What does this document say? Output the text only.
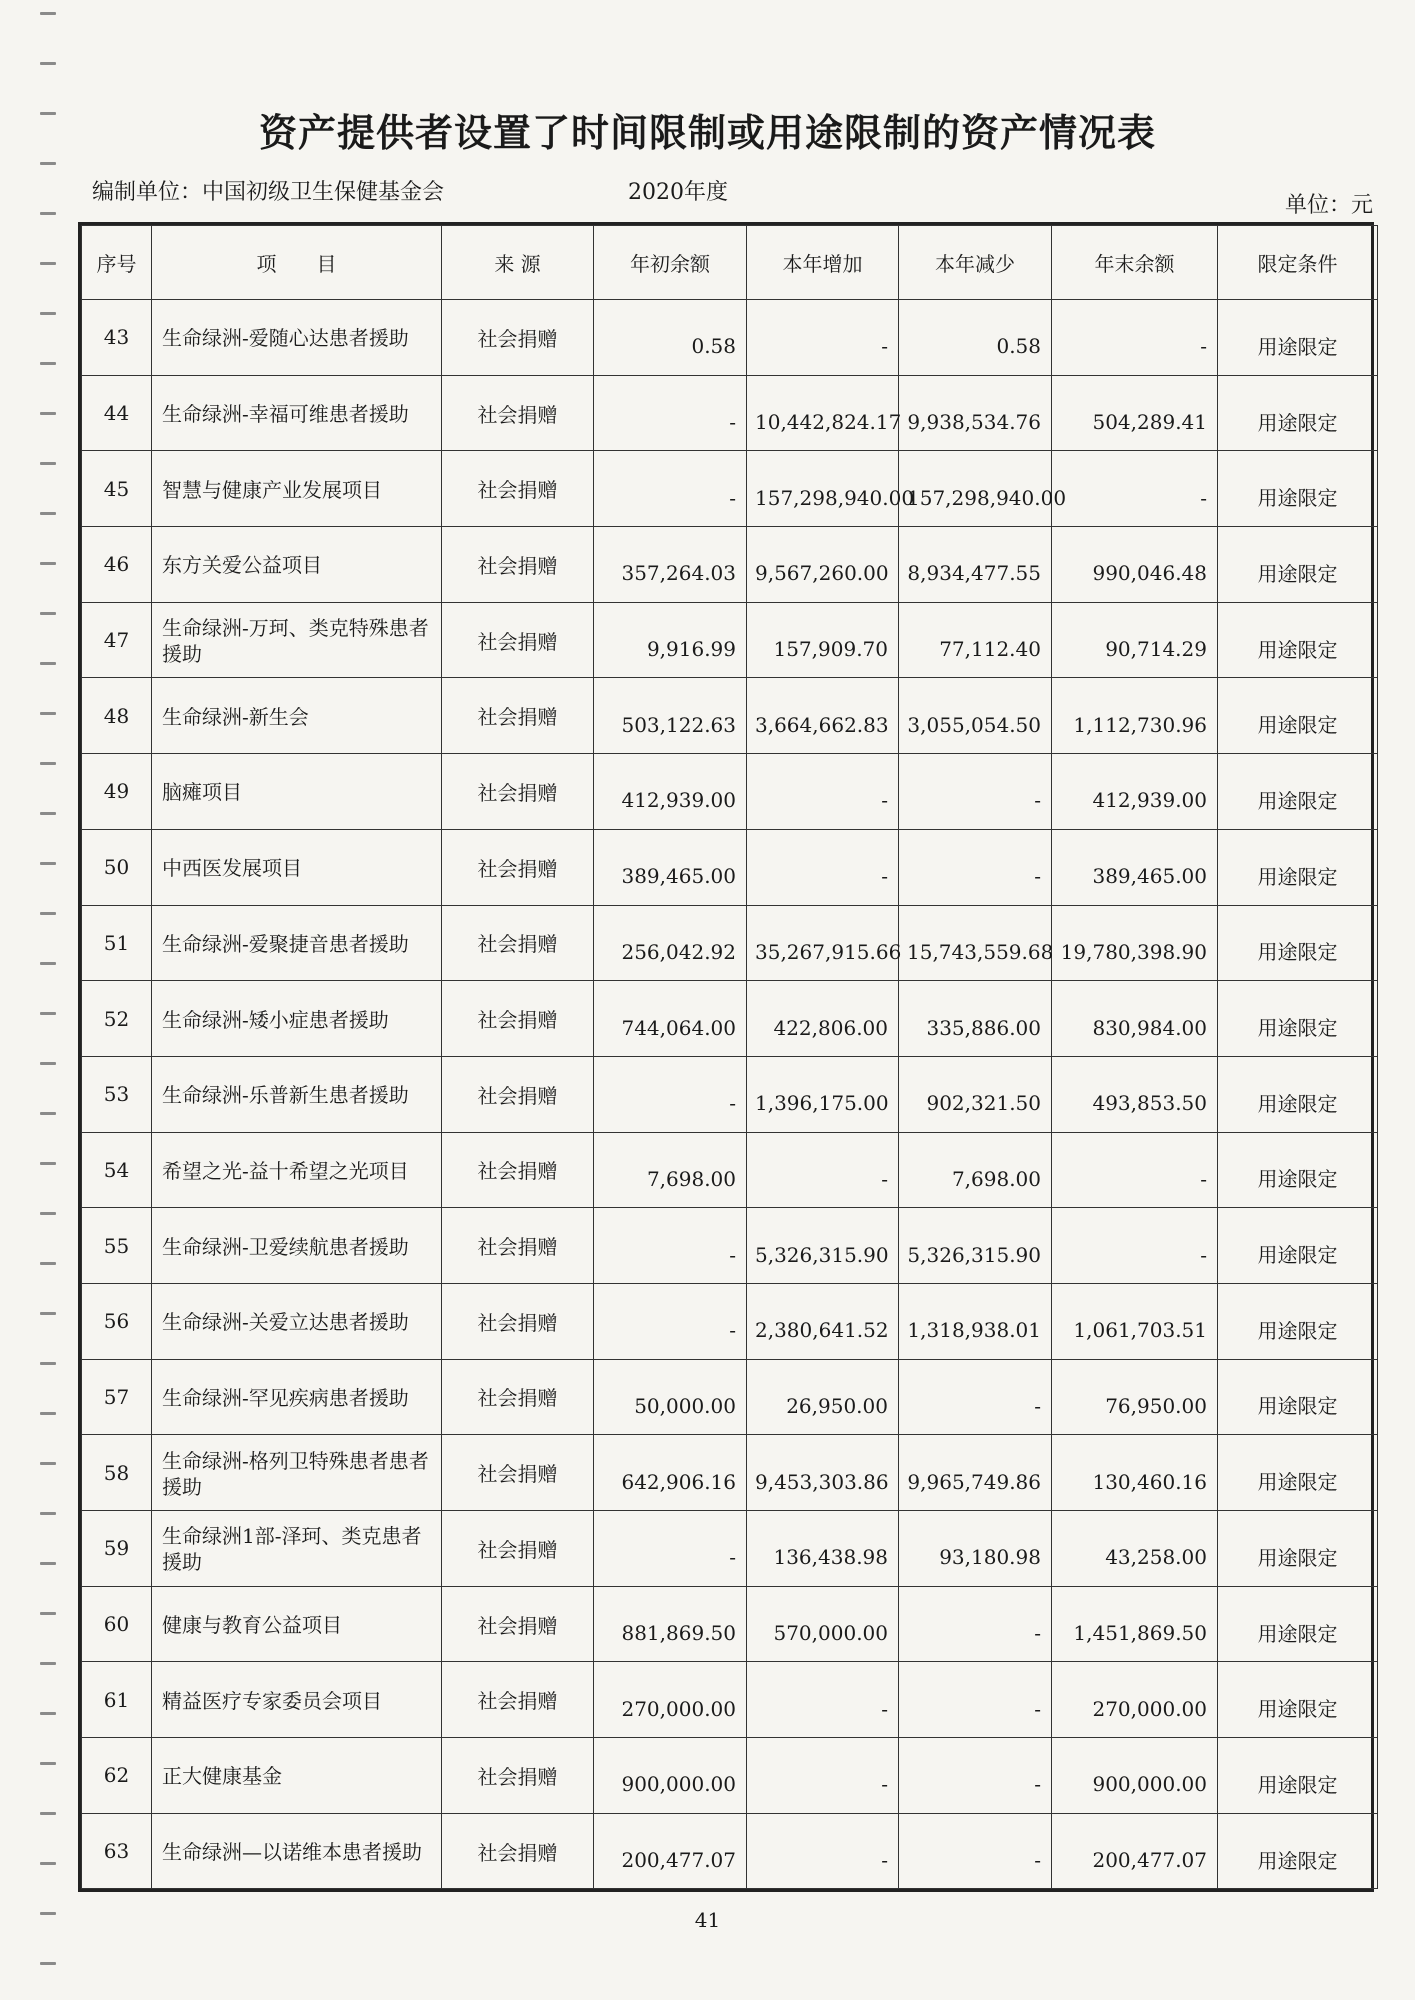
资产提供者设置了时间限制或用途限制的资产情况表
编制单位：中国初级卫生保健基金会	2020年度
单位：元
序号	项　　目	来 源	年初余额	本年增加	本年减少	年末余额	限定条件
43	生命绿洲-爱随心达患者援助	社会捐赠	0.58	-	0.58	-	用途限定
44	生命绿洲-幸福可维患者援助	社会捐赠	-	10,442,824.17	9,938,534.76	504,289.41	用途限定
45	智慧与健康产业发展项目	社会捐赠	-	157,298,940.00	157,298,940.00	-	用途限定
46	东方关爱公益项目	社会捐赠	357,264.03	9,567,260.00	8,934,477.55	990,046.48	用途限定
47	生命绿洲-万珂、类克特殊患者援助	社会捐赠	9,916.99	157,909.70	77,112.40	90,714.29	用途限定
48	生命绿洲-新生会	社会捐赠	503,122.63	3,664,662.83	3,055,054.50	1,112,730.96	用途限定
49	脑瘫项目	社会捐赠	412,939.00	-	-	412,939.00	用途限定
50	中西医发展项目	社会捐赠	389,465.00	-	-	389,465.00	用途限定
51	生命绿洲-爱聚捷音患者援助	社会捐赠	256,042.92	35,267,915.66	15,743,559.68	19,780,398.90	用途限定
52	生命绿洲-矮小症患者援助	社会捐赠	744,064.00	422,806.00	335,886.00	830,984.00	用途限定
53	生命绿洲-乐普新生患者援助	社会捐赠	-	1,396,175.00	902,321.50	493,853.50	用途限定
54	希望之光-益十希望之光项目	社会捐赠	7,698.00	-	7,698.00	-	用途限定
55	生命绿洲-卫爱续航患者援助	社会捐赠	-	5,326,315.90	5,326,315.90	-	用途限定
56	生命绿洲-关爱立达患者援助	社会捐赠	-	2,380,641.52	1,318,938.01	1,061,703.51	用途限定
57	生命绿洲-罕见疾病患者援助	社会捐赠	50,000.00	26,950.00	-	76,950.00	用途限定
58	生命绿洲-格列卫特殊患者患者援助	社会捐赠	642,906.16	9,453,303.86	9,965,749.86	130,460.16	用途限定
59	生命绿洲1部-泽珂、类克患者援助	社会捐赠	-	136,438.98	93,180.98	43,258.00	用途限定
60	健康与教育公益项目	社会捐赠	881,869.50	570,000.00	-	1,451,869.50	用途限定
61	精益医疗专家委员会项目	社会捐赠	270,000.00	-	-	270,000.00	用途限定
62	正大健康基金	社会捐赠	900,000.00	-	-	900,000.00	用途限定
63	生命绿洲—以诺维本患者援助	社会捐赠	200,477.07	-	-	200,477.07	用途限定
41
